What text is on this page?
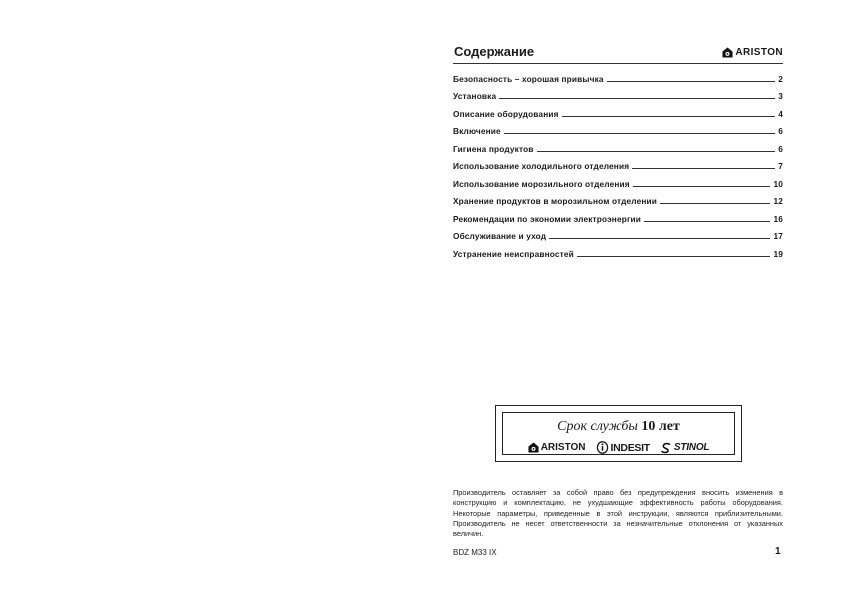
Содержание	ARISTON
Безопасность – хорошая привычка	2
Установка	3
Описание оборудования	4
Включение	6
Гигиена продуктов	6
Использование холодильного отделения	7
Использование морозильного отделения	10
Хранение продуктов в морозильном отделении	12
Рекомендации по экономии электроэнергии	16
Обслуживание и уход	17
Устранение неисправностей	19
Срок службы 10 лет
ARISTON INDESIT STINOL
Производитель оставляет за собой право без предупреждения вносить изменения в конструкцию и комплектацию, не ухудшающие эффективность работы оборудования. Некоторые параметры, приведенные в этой инструкции, являются приблизительными. Производитель не несет ответственности за незначительные отклонения от указанных величин.
BDZ M33 IX	1
